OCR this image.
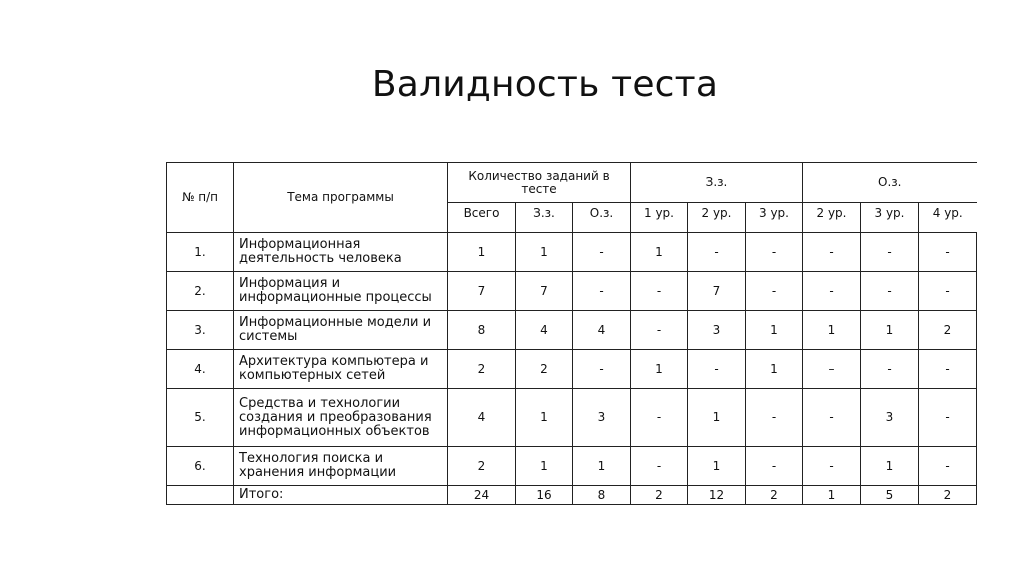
Валидность теста
№ п/п	Тема программы	Количество заданий в тесте			З.з.			О.з.		
		Всего	З.з.	О.з.	1 ур.	2 ур.	3 ур.	2 ур.	3 ур.	4 ур.
1.	Информационная деятельность человека	1	1	-	1	-	-	-	-	-
2.	Информация и информационные процессы	7	7	-	-	7	-	-	-	-
3.	Информационные модели и системы	8	4	4	-	3	1	1	1	2
4.	Архитектура компьютера и компьютерных сетей	2	2	-	1	-	1	–	-	-
5.	Средства и технологии создания и преобразования информационных объектов	4	1	3	-	1	-	-	3	-
6.	Технология поиска и хранения информации	2	1	1	-	1	-	-	1	-
	Итого:	24	16	8	2	12	2	1	5	2
